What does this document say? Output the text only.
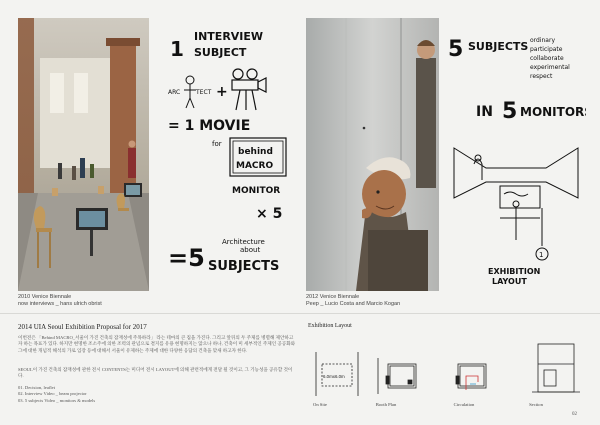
2010 Venice Biennale
now interviews _ hans ulrich obrist
1
INTERVIEW
SUBJECT
ARC	TECT +
= 1 MOVIE
for
behind
MACRO
MONITOR
× 5
=5
Architecture
about
SUBJECTS
2012 Venice Biennale
Peep _ Lucio Costa and Marcio Kogan
5 SUBJECTS ordinary
participate
collaborate
experimental
respect
IN 5 MONITORS
1
EXHIBITION
LAYOUT
2014 UIA Seoul Exhibition Proposal for 2017
이번전은 「Behind MACRO_서울이 가진 건축의 잠재성에 주목하라」 라는 테마의 큰 집을 가진다. 그리고 앞뒤의 두 주제를 병렬해 제안하고자 하는 목표가 있다. 하지만 현명한 조소주에 의한 조력의 관념으로 결지를 유용 현명하지는 않으나 하나, 건축이 미 세부적인 주제인 공공화와 그에 대한 개념적 해석의 가로 입장 등에 대해서 서울이 유제하는 주제에 대한 다양한 응답의 건축을 맞새 하고자 한다.
SEOUL이 가진 건축의 잠재성에 관한 전시 CONTENTS는 미디어 전시 LAYOUT에 의해 관련적에게 전달 될 것이고, 그 기능성을 공유할 것이다.
01. Decision, leaflet
02. Interview Video _ beam projector
03. 5 subjects Video _ monitors & models
Exhibition Layout
6.0mx6.0m
On Site	Booth Plan	Circulation	Section
02
